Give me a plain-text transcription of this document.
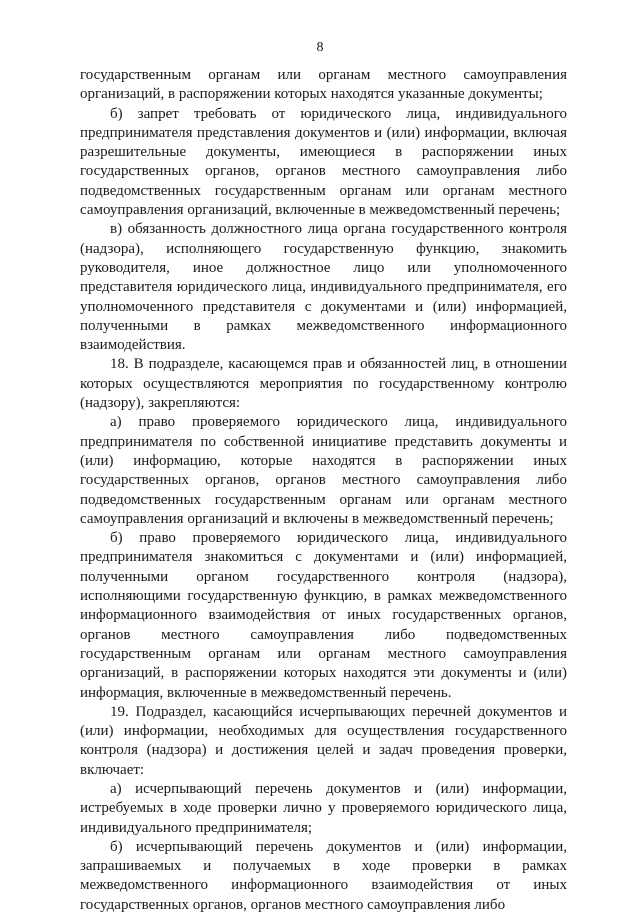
8

государственным органам или органам местного самоуправления организаций, в распоряжении которых находятся указанные документы;

б) запрет требовать от юридического лица, индивидуального предпринимателя представления документов и (или) информации, включая разрешительные документы, имеющиеся в распоряжении иных государственных органов, органов местного самоуправления либо подведомственных государственным органам или органам местного самоуправления организаций, включенные в межведомственный перечень;

в) обязанность должностного лица органа государственного контроля (надзора), исполняющего государственную функцию, знакомить руководителя, иное должностное лицо или уполномоченного представителя юридического лица, индивидуального предпринимателя, его уполномоченного представителя с документами и (или) информацией, полученными в рамках межведомственного информационного взаимодействия.

18. В подразделе, касающемся прав и обязанностей лиц, в отношении которых осуществляются мероприятия по государственному контролю (надзору), закрепляются:

а) право проверяемого юридического лица, индивидуального предпринимателя по собственной инициативе представить документы и (или) информацию, которые находятся в распоряжении иных государственных органов, органов местного самоуправления либо подведомственных государственным органам или органам местного самоуправления организаций и включены в межведомственный перечень;

б) право проверяемого юридического лица, индивидуального предпринимателя знакомиться с документами и (или) информацией, полученными органом государственного контроля (надзора), исполняющими государственную функцию, в рамках межведомственного информационного взаимодействия от иных государственных органов, органов местного самоуправления либо подведомственных государственным органам или органам местного самоуправления организаций, в распоряжении которых находятся эти документы и (или) информация, включенные в межведомственный перечень.

19. Подраздел, касающийся исчерпывающих перечней документов и (или) информации, необходимых для осуществления государственного контроля (надзора) и достижения целей и задач проведения проверки, включает:

а) исчерпывающий перечень документов и (или) информации, истребуемых в ходе проверки лично у проверяемого юридического лица, индивидуального предпринимателя;

б) исчерпывающий перечень документов и (или) информации, запрашиваемых и получаемых в ходе проверки в рамках межведомственного информационного взаимодействия от иных государственных органов, органов местного самоуправления либо
